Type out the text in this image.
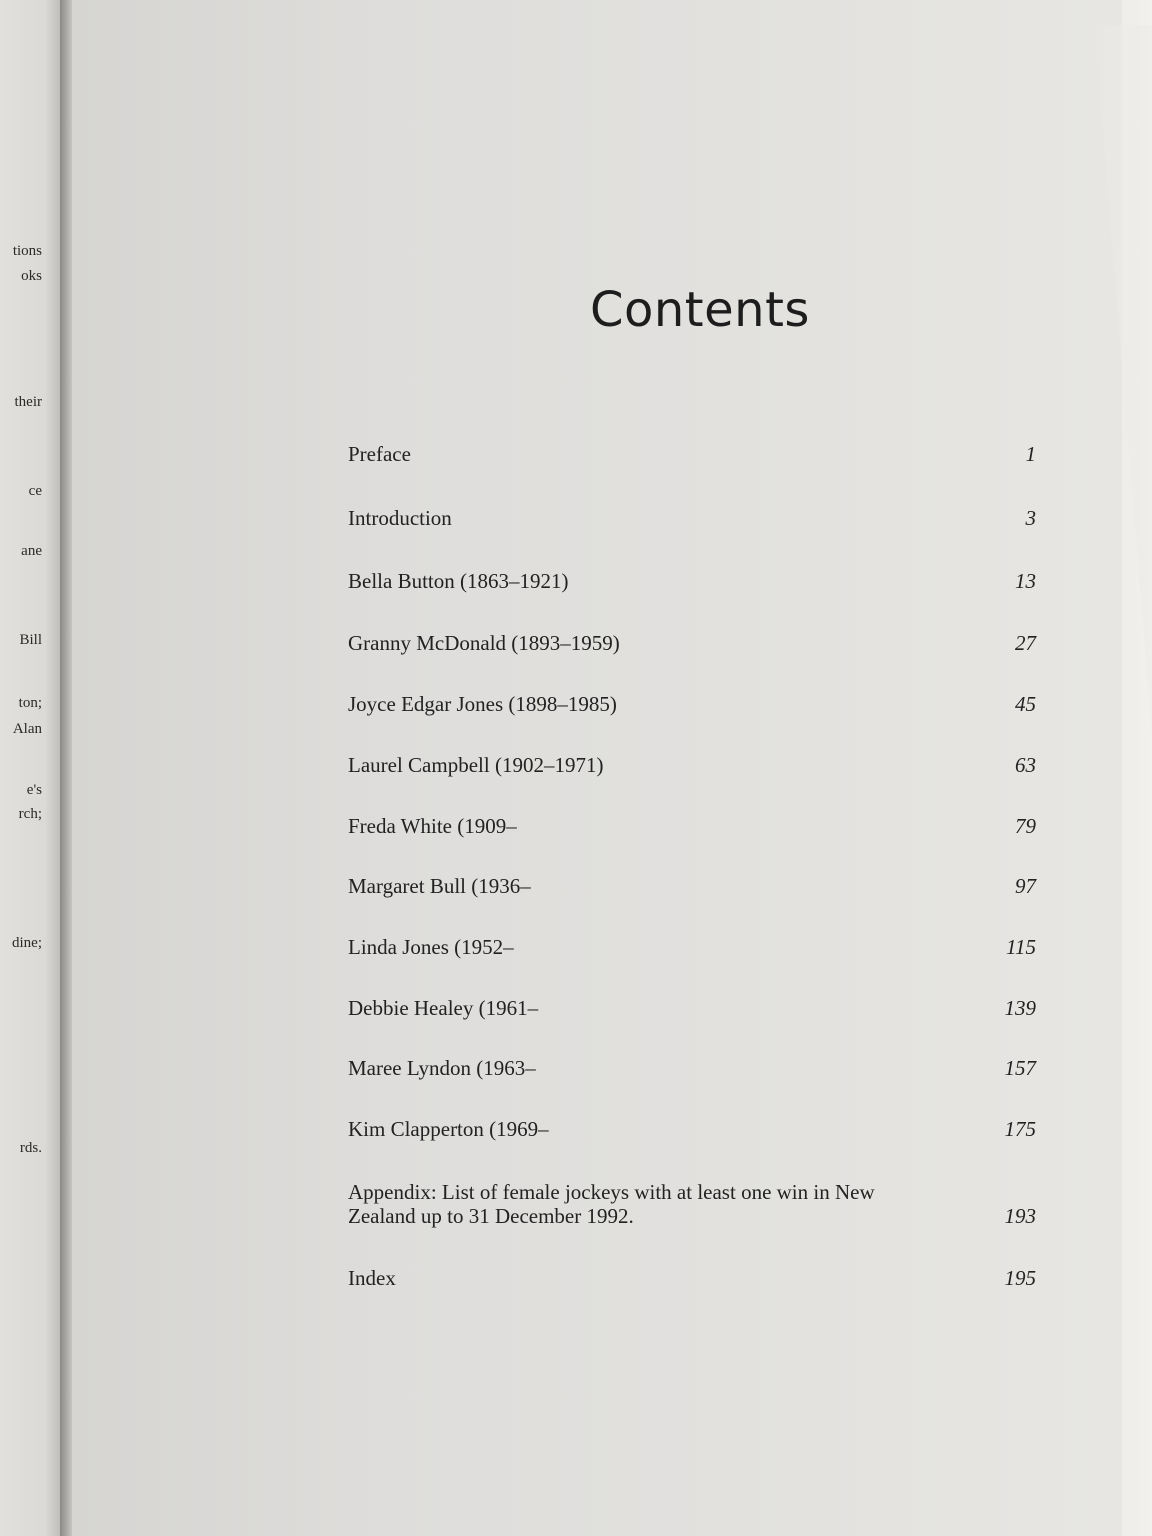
tions
oks
their
ce
ane
Bill
ton;
Alan
e's
rch;
dine;
rds.
Contents
Preface	1
Introduction	3
Bella Button (1863–1921)	13
Granny McDonald (1893–1959)	27
Joyce Edgar Jones (1898–1985)	45
Laurel Campbell (1902–1971)	63
Freda White (1909–	79
Margaret Bull (1936–	97
Linda Jones (1952–	115
Debbie Healey (1961–	139
Maree Lyndon (1963–	157
Kim Clapperton (1969–	175
Appendix: List of female jockeys with at least one win in New Zealand up to 31 December 1992.	193
Index	195
